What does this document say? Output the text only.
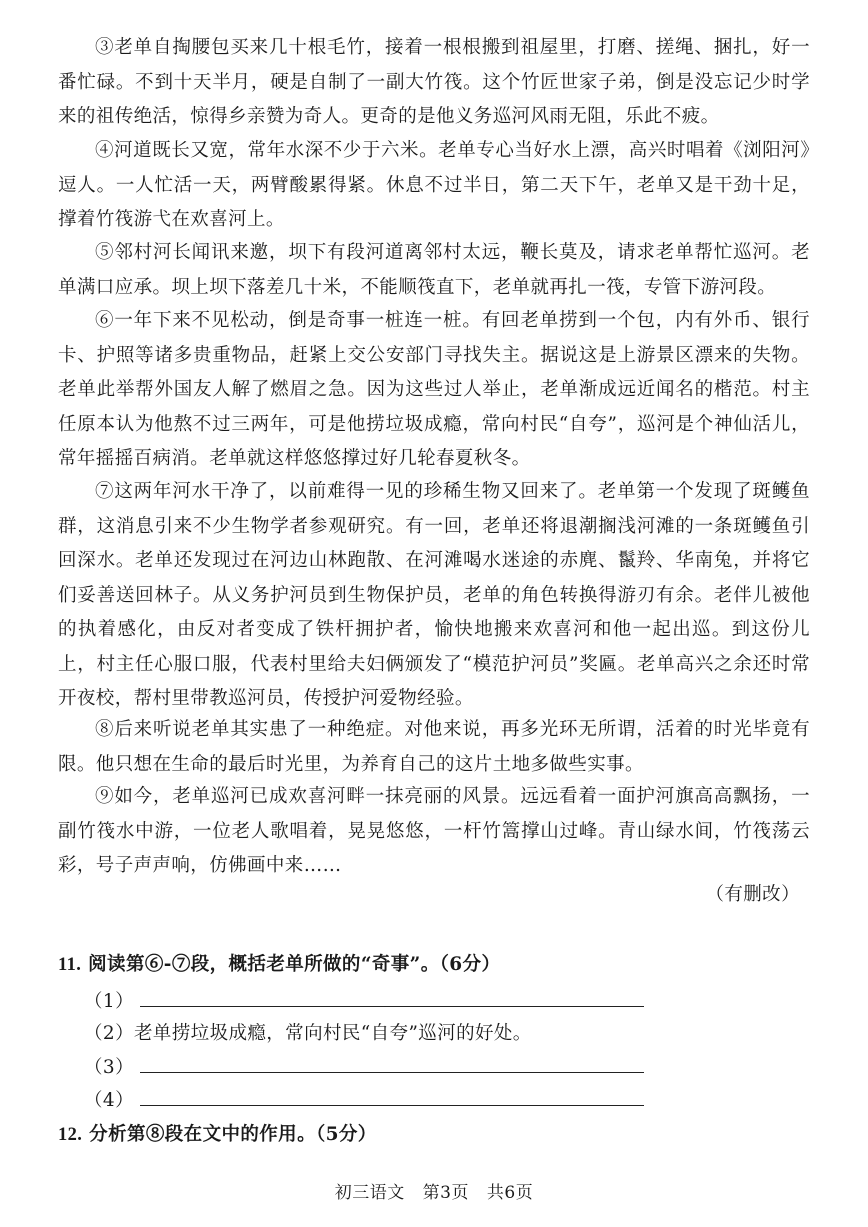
③老单自掏腰包买来几十根毛竹，接着一根根搬到祖屋里，打磨、搓绳、捆扎，好一番忙碌。不到十天半月，硬是自制了一副大竹筏。这个竹匠世家子弟，倒是没忘记少时学来的祖传绝活，惊得乡亲赞为奇人。更奇的是他义务巡河风雨无阻，乐此不疲。

④河道既长又宽，常年水深不少于六米。老单专心当好水上漂，高兴时唱着《浏阳河》逗人。一人忙活一天，两臂酸累得紧。休息不过半日，第二天下午，老单又是干劲十足，撑着竹筏游弋在欢喜河上。

⑤邻村河长闻讯来邀，坝下有段河道离邻村太远，鞭长莫及，请求老单帮忙巡河。老单满口应承。坝上坝下落差几十米，不能顺筏直下，老单就再扎一筏，专管下游河段。

⑥一年下来不见松动，倒是奇事一桩连一桩。有回老单捞到一个包，内有外币、银行卡、护照等诸多贵重物品，赶紧上交公安部门寻找失主。据说这是上游景区漂来的失物。老单此举帮外国友人解了燃眉之急。因为这些过人举止，老单渐成远近闻名的楷范。村主任原本认为他熬不过三两年，可是他捞垃圾成瘾，常向村民“自夸”，巡河是个神仙活儿，常年摇摇百病消。老单就这样悠悠撑过好几轮春夏秋冬。

⑦这两年河水干净了，以前难得一见的珍稀生物又回来了。老单第一个发现了斑鳠鱼群，这消息引来不少生物学者参观研究。有一回，老单还将退潮搁浅河滩的一条斑鳠鱼引回深水。老单还发现过在河边山林跑散、在河滩喝水迷途的赤麂、鬣羚、华南兔，并将它们妥善送回林子。从义务护河员到生物保护员，老单的角色转换得游刃有余。老伴儿被他的执着感化，由反对者变成了铁杆拥护者，愉快地搬来欢喜河和他一起出巡。到这份儿上，村主任心服口服，代表村里给夫妇俩颁发了“模范护河员”奖匾。老单高兴之余还时常开夜校，帮村里带教巡河员，传授护河爱物经验。

⑧后来听说老单其实患了一种绝症。对他来说，再多光环无所谓，活着的时光毕竟有限。他只想在生命的最后时光里，为养育自己的这片土地多做些实事。

⑨如今，老单巡河已成欢喜河畔一抹亮丽的风景。远远看着一面护河旗高高飘扬，一副竹筏水中游，一位老人歌唱着，晃晃悠悠，一杆竹篙撑山过峰。青山绿水间，竹筏荡云彩，号子声声响，仿佛画中来……

（有删改）
11. 阅读第⑥-⑦段，概括老单所做的“奇事”。（6分）
（1）
（2） 老单捞垃圾成瘾，常向村民“自夸”巡河的好处。
（3）
（4）
12. 分析第⑧段在文中的作用。（5分）
初三语文 第3页 共6页
